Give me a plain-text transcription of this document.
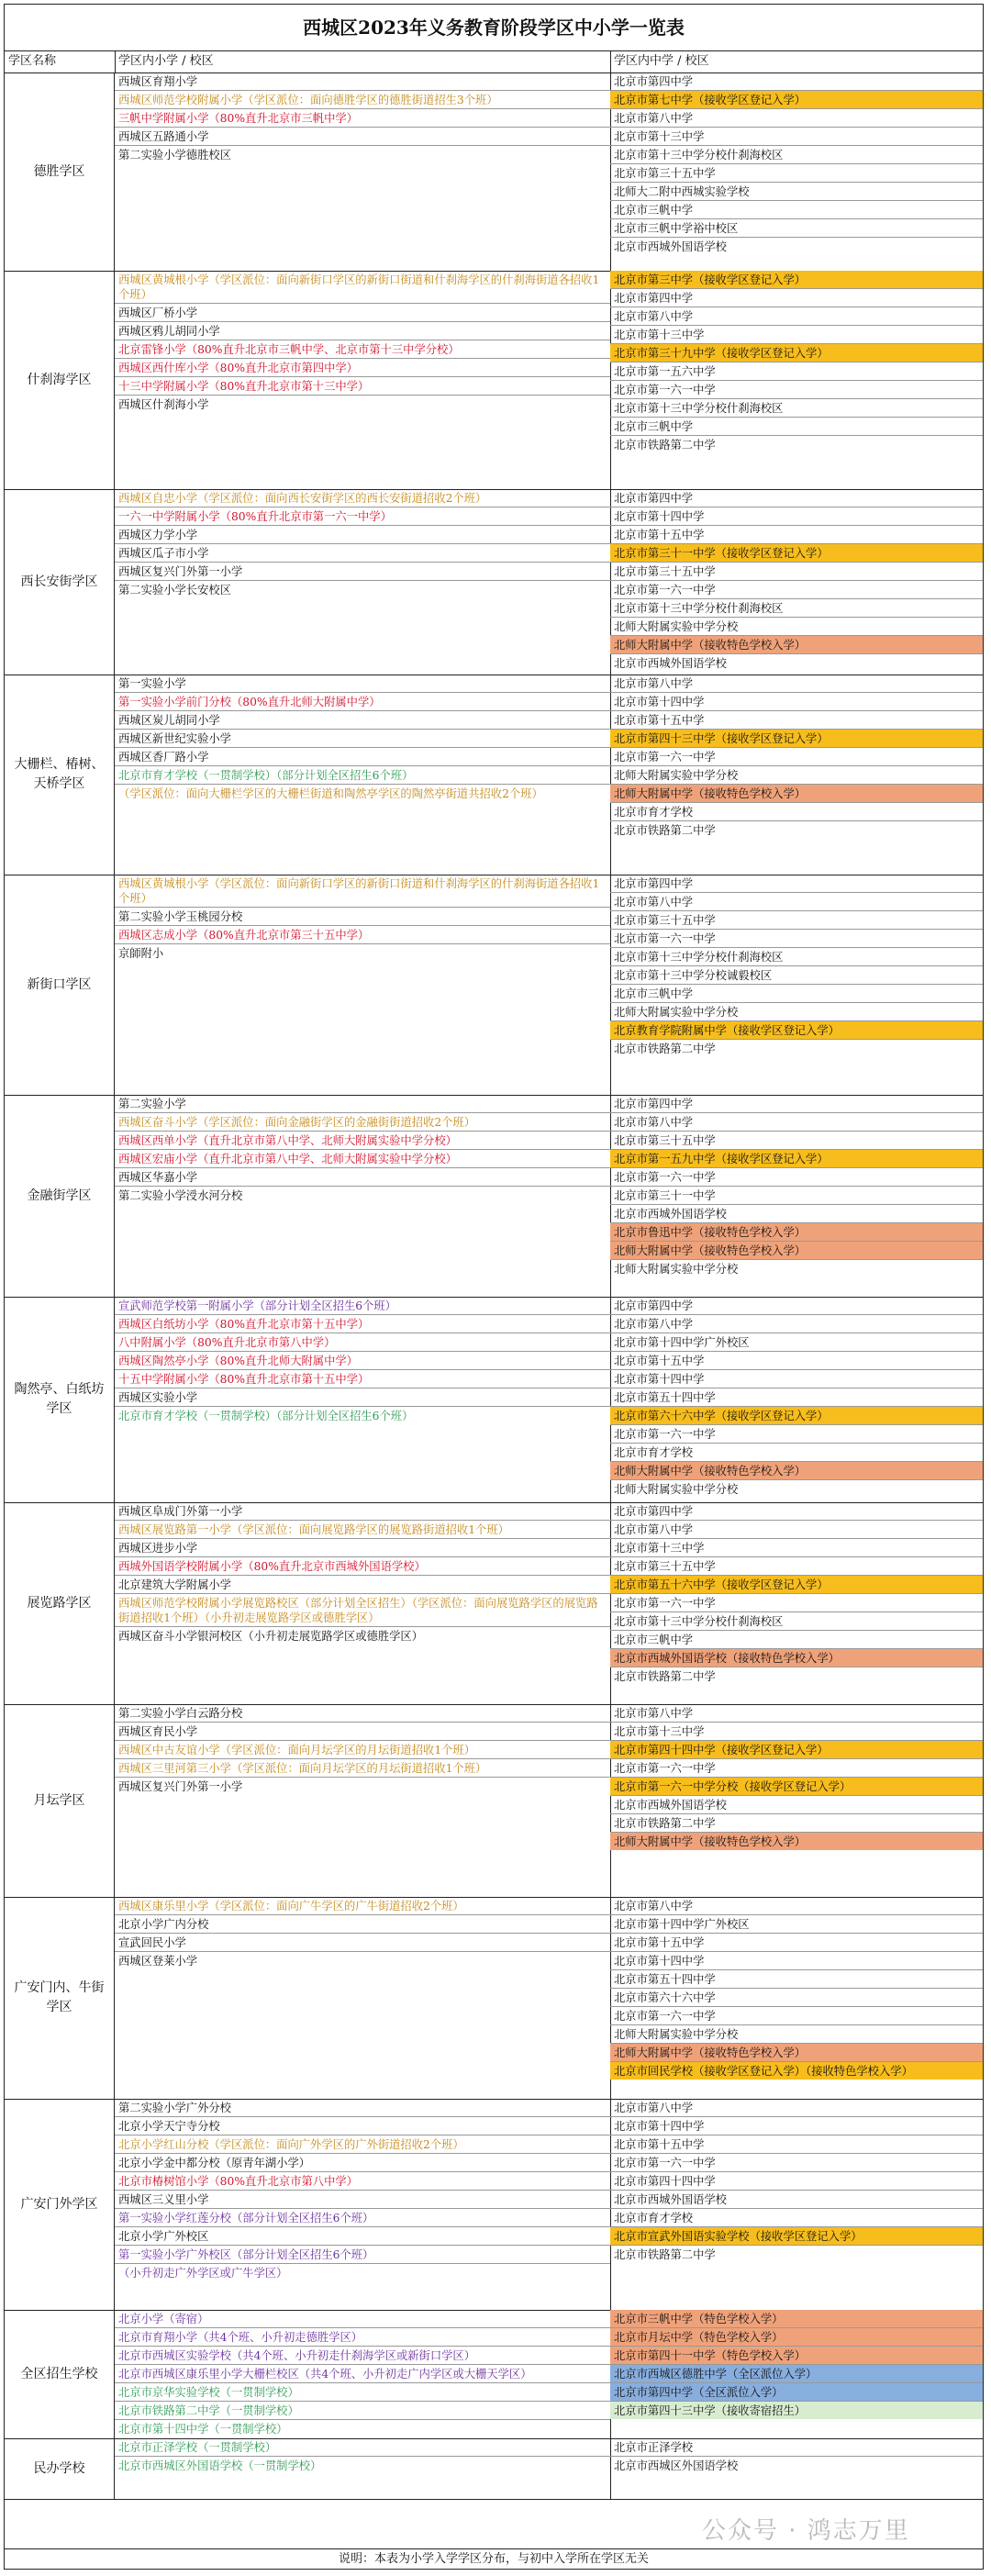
西城区2023年义务教育阶段学区中小学一览表
学区名称	学区内小学 / 校区	学区内中学 / 校区
德胜学区
西城区育翔小学
西城区师范学校附属小学（学区派位：面向德胜学区的德胜街道招生3个班）
三帆中学附属小学（80%直升北京市三帆中学）
西城区五路通小学
第二实验小学德胜校区
北京市第四中学
北京市第七中学（接收学区登记入学）
北京市第八中学
北京市第十三中学
北京市第十三中学分校什刹海校区
北京市第三十五中学
北师大二附中西城实验学校
北京市三帆中学
北京市三帆中学裕中校区
北京市西城外国语学校
什刹海学区
西城区黄城根小学（学区派位：面向新街口学区的新街口街道和什刹海学区的什刹海街道各招收1个班）
西城区厂桥小学
西城区鸦儿胡同小学
北京雷锋小学（80%直升北京市三帆中学、北京市第十三中学分校）
西城区西什库小学（80%直升北京市第四中学）
十三中学附属小学（80%直升北京市第十三中学）
西城区什刹海小学
北京市第三中学（接收学区登记入学）
北京市第四中学
北京市第八中学
北京市第十三中学
北京市第三十九中学（接收学区登记入学）
北京市第一五六中学
北京市第一六一中学
北京市第十三中学分校什刹海校区
北京市三帆中学
北京市铁路第二中学
西长安街学区
西城区自忠小学（学区派位：面向西长安街学区的西长安街道招收2个班）
一六一中学附属小学（80%直升北京市第一六一中学）
西城区力学小学
西城区瓜子市小学
西城区复兴门外第一小学
第二实验小学长安校区
北京市第四中学
北京市第十四中学
北京市第十五中学
北京市第三十一中学（接收学区登记入学）
北京市第三十五中学
北京市第一六一中学
北京市第十三中学分校什刹海校区
北师大附属实验中学分校
北师大附属中学（接收特色学校入学）
北京市西城外国语学校
大栅栏、椿树、天桥学区
第一实验小学
第一实验小学前门分校（80%直升北师大附属中学）
西城区炭儿胡同小学
西城区新世纪实验小学
西城区香厂路小学
北京市育才学校（一贯制学校）（部分计划全区招生6个班）
（学区派位：面向大栅栏学区的大栅栏街道和陶然亭学区的陶然亭街道共招收2个班）
北京市第八中学
北京市第十四中学
北京市第十五中学
北京市第四十三中学（接收学区登记入学）
北京市第一六一中学
北师大附属实验中学分校
北师大附属中学（接收特色学校入学）
北京市育才学校
北京市铁路第二中学
新街口学区
西城区黄城根小学（学区派位：面向新街口学区的新街口街道和什刹海学区的什刹海街道各招收1个班）
第二实验小学玉桃园分校
西城区志成小学（80%直升北京市第三十五中学）
京師附小
北京市第四中学
北京市第八中学
北京市第三十五中学
北京市第一六一中学
北京市第十三中学分校什刹海校区
北京市第十三中学分校诚毅校区
北京市三帆中学
北师大附属实验中学分校
北京教育学院附属中学（接收学区登记入学）
北京市铁路第二中学
金融街学区
第二实验小学
西城区奋斗小学（学区派位：面向金融街学区的金融街街道招收2个班）
西城区西单小学（直升北京市第八中学、北师大附属实验中学分校）
西城区宏庙小学（直升北京市第八中学、北师大附属实验中学分校）
西城区华嘉小学
第二实验小学涭水河分校
北京市第四中学
北京市第八中学
北京市第三十五中学
北京市第一五九中学（接收学区登记入学）
北京市第一六一中学
北京市第三十一中学
北京市西城外国语学校
北京市鲁迅中学（接收特色学校入学）
北师大附属中学（接收特色学校入学）
北师大附属实验中学分校
陶然亭、白纸坊学区
宣武师范学校第一附属小学（部分计划全区招生6个班）
西城区白纸坊小学（80%直升北京市第十五中学）
八中附属小学（80%直升北京市第八中学）
西城区陶然亭小学（80%直升北师大附属中学）
十五中学附属小学（80%直升北京市第十五中学）
西城区实验小学
北京市育才学校（一贯制学校）（部分计划全区招生6个班）
北京市第四中学
北京市第八中学
北京市第十四中学广外校区
北京市第十五中学
北京市第十四中学
北京市第五十四中学
北京市第六十六中学（接收学区登记入学）
北京市第一六一中学
北京市育才学校
北师大附属中学（接收特色学校入学）
北师大附属实验中学分校
展览路学区
西城区阜成门外第一小学
西城区展览路第一小学（学区派位：面向展览路学区的展览路街道招收1个班）
西城区进步小学
西城外国语学校附属小学（80%直升北京市西城外国语学校）
北京建筑大学附属小学
西城区师范学校附属小学展览路校区（部分计划全区招生）（学区派位：面向展览路学区的展览路街道招收1个班）（小升初走展览路学区或德胜学区）
西城区奋斗小学银河校区（小升初走展览路学区或德胜学区）
北京市第四中学
北京市第八中学
北京市第十三中学
北京市第三十五中学
北京市第五十六中学（接收学区登记入学）
北京市第一六一中学
北京市第十三中学分校什刹海校区
北京市三帆中学
北京市西城外国语学校（接收特色学校入学）
北京市铁路第二中学
月坛学区
第二实验小学白云路分校
西城区育民小学
西城区中古友谊小学（学区派位：面向月坛学区的月坛街道招收1个班）
西城区三里河第三小学（学区派位：面向月坛学区的月坛街道招收1个班）
西城区复兴门外第一小学
北京市第八中学
北京市第十三中学
北京市第四十四中学（接收学区登记入学）
北京市第一六一中学
北京市第一六一中学分校（接收学区登记入学）
北京市西城外国语学校
北京市铁路第二中学
北师大附属中学（接收特色学校入学）
广安门内、牛街学区
西城区康乐里小学（学区派位：面向广牛学区的广牛街道招收2个班）
北京小学广内分校
宣武回民小学
西城区登莱小学
北京市第八中学
北京市第十四中学广外校区
北京市第十五中学
北京市第十四中学
北京市第五十四中学
北京市第六十六中学
北京市第一六一中学
北师大附属实验中学分校
北师大附属中学（接收特色学校入学）
北京市回民学校（接收学区登记入学）（接收特色学校入学）
广安门外学区
第二实验小学广外分校
北京小学天宁寺分校
北京小学红山分校（学区派位：面向广外学区的广外街道招收2个班）
北京小学金中都分校（原青年湖小学）
北京市椿树馆小学（80%直升北京市第八中学）
西城区三义里小学
第一实验小学红莲分校（部分计划全区招生6个班）
北京小学广外校区
第一实验小学广外校区（部分计划全区招生6个班）
（小升初走广外学区或广牛学区）
北京市第八中学
北京市第十四中学
北京市第十五中学
北京市第一六一中学
北京市第四十四中学
北京市西城外国语学校
北京市育才学校
北京市宣武外国语实验学校（接收学区登记入学）
北京市铁路第二中学
全区招生学校
北京小学（寄宿）
北京市育翔小学（共4个班、小升初走德胜学区）
北京市西城区实验学校（共4个班、小升初走什刹海学区或新街口学区）
北京市西城区康乐里小学大栅栏校区（共4个班、小升初走广内学区或大栅天学区）
北京市京华实验学校（一贯制学校）
北京市铁路第二中学（一贯制学校）
北京市第十四中学（一贯制学校）
北京市三帆中学（特色学校入学）
北京市月坛中学（特色学校入学）
北京市第四十一中学（特色学校入学）
北京市西城区德胜中学（全区派位入学）
北京市第四中学（全区派位入学）
北京市第四十三中学（接收寄宿招生）
民办学校
北京市正泽学校（一贯制学校）
北京市西城区外国语学校（一贯制学校）
北京市正泽学校
北京市西城区外国语学校
说明：本表为小学入学学区分布，与初中入学所在学区无关
公众号 · 鸿志万里
